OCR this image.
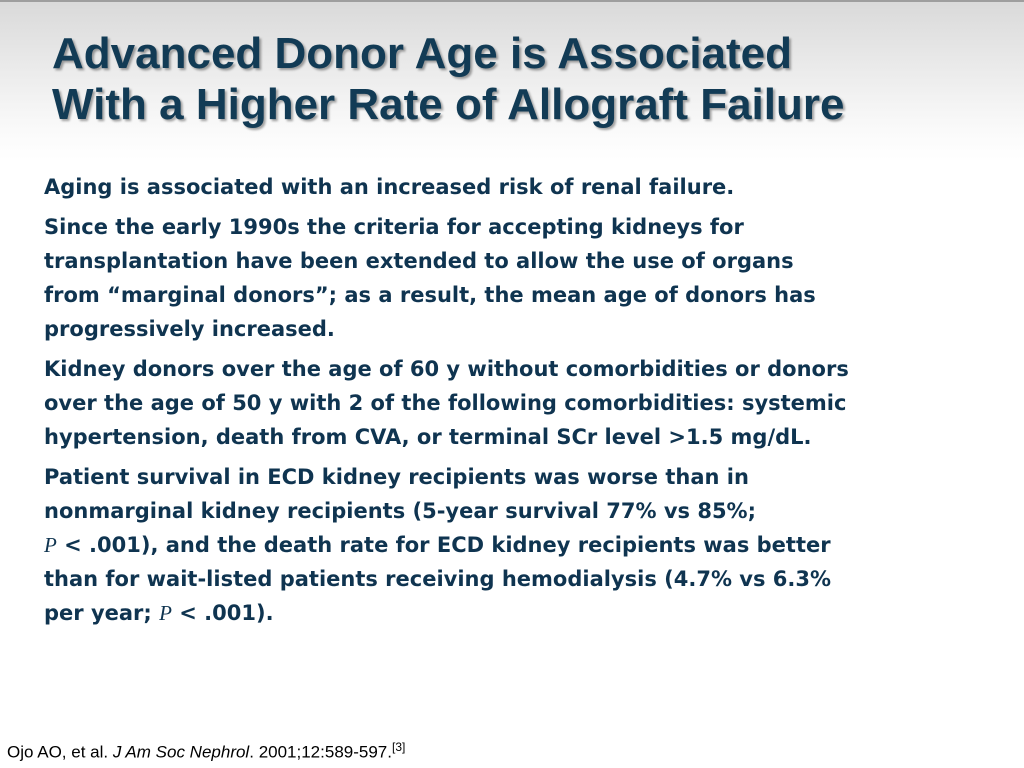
Advanced Donor Age is Associated
With a Higher Rate of Allograft Failure
Aging is associated with an increased risk of renal failure.
Since the early 1990s the criteria for accepting kidneys for
transplantation have been extended to allow the use of organs
from “marginal donors”; as a result, the mean age of donors has
progressively increased.
Kidney donors over the age of 60 y without comorbidities or donors
over the age of 50 y with 2 of the following comorbidities: systemic
hypertension, death from CVA, or terminal SCr level >1.5 mg/dL.
Patient survival in ECD kidney recipients was worse than in
nonmarginal kidney recipients (5-year survival 77% vs 85%;
P < .001), and the death rate for ECD kidney recipients was better
than for wait-listed patients receiving hemodialysis (4.7% vs 6.3%
per year; P < .001).
Ojo AO, et al. J Am Soc Nephrol. 2001;12:589-597.[3]
